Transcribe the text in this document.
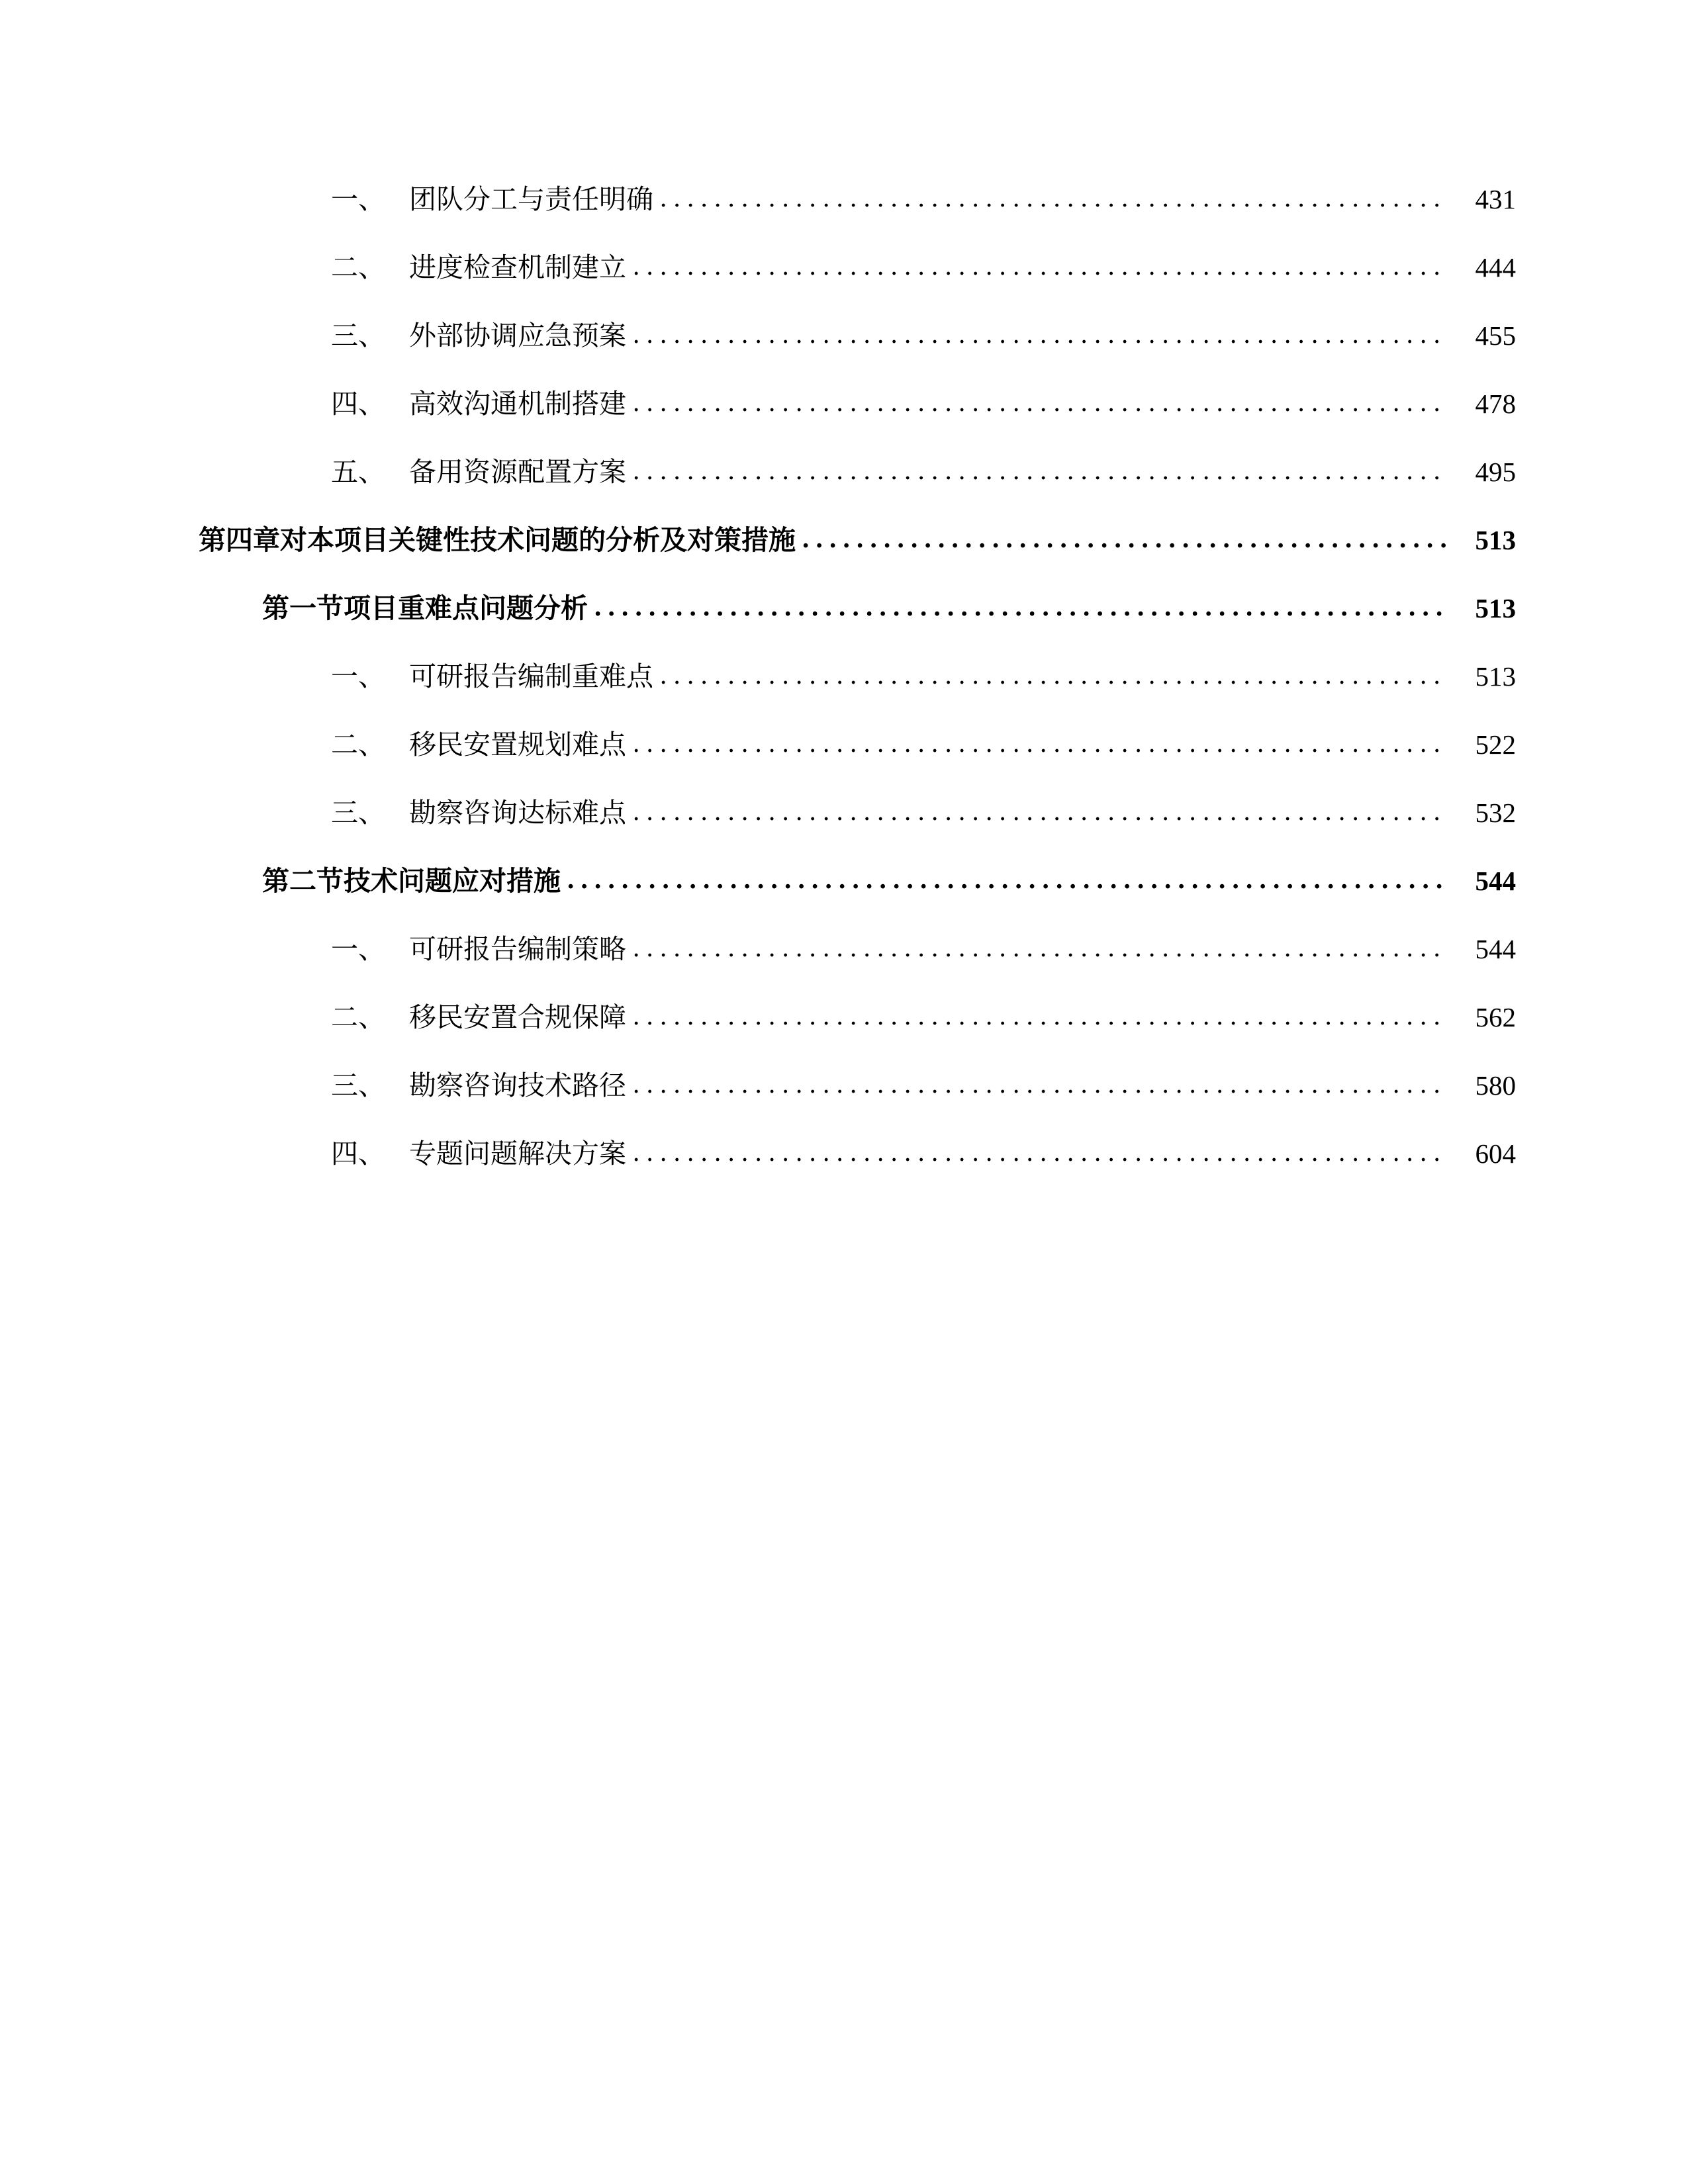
一、 团队分工与责任明确 . . .	431
二、 进度检查机制建立 . . .	444
三、 外部协调应急预案 . . .	455
四、 高效沟通机制搭建 . . .	478
五、 备用资源配置方案 . . .	495
第四章对本项目关键性技术问题的分析及对策措施 . . .	513
第一节项目重难点问题分析 . . .	513
一、 可研报告编制重难点 . . .	513
二、 移民安置规划难点 . . .	522
三、 勘察咨询达标难点 . . .	532
第二节技术问题应对措施 . . .	544
一、 可研报告编制策略 . . .	544
二、 移民安置合规保障 . . .	562
三、 勘察咨询技术路径 . . .	580
四、 专题问题解决方案 . . .	604
